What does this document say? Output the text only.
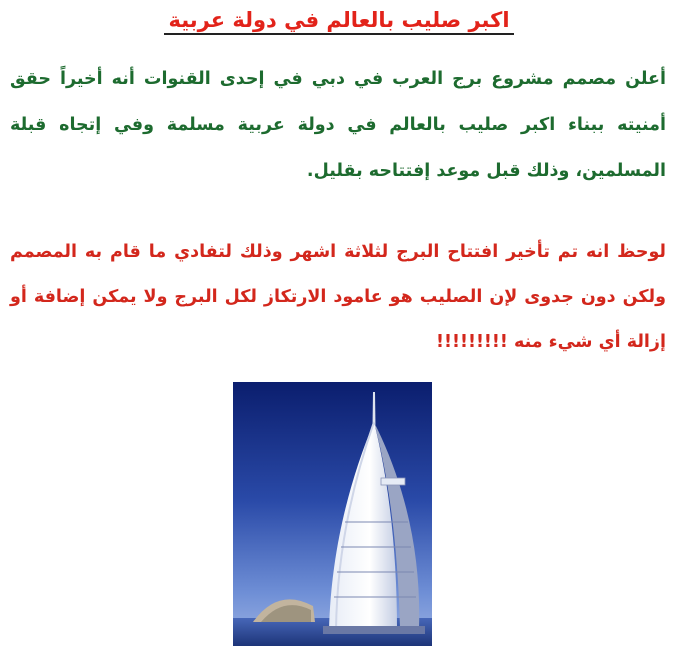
اكبر صليب بالعالم في دولة عربية

أعلن مصمم مشروع برج العرب في دبي في إحدى القنوات أنه أخيراً حقق أمنيته ببناء اكبر صليب بالعالم في دولة عربية مسلمة وفي إتجاه قبلة المسلمين، وذلك قبل موعد إفتتاحه بقليل.

لوحظ انه تم تأخير افتتاح البرج لثلاثة اشهر وذلك لتفادي ما قام به المصمم ولكن دون جدوى لإن الصليب هو عامود الارتكاز لكل البرج ولا يمكن إضافة أو إزالة أي شيء منه !!!!!!!!!
